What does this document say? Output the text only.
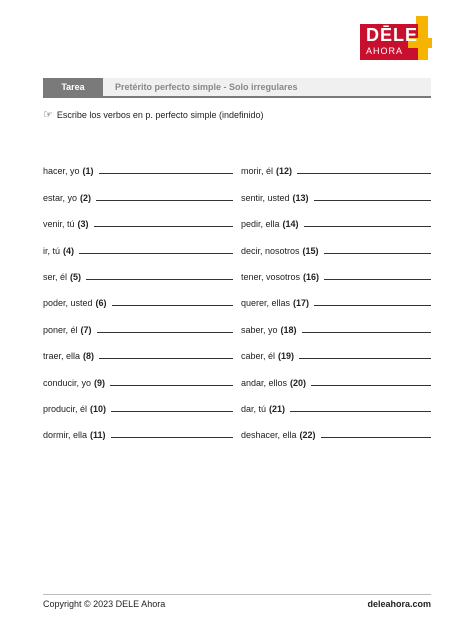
DĒLE
AHORA
Tarea	Pretérito perfecto simple - Solo irregulares
☞ Escribe los verbos en p. perfecto simple (indefinido)
hacer, yo (1)
estar, yo (2)
venir, tú (3)
ir, tú (4)
ser, él (5)
poder, usted (6)
poner, él (7)
traer, ella (8)
conducir, yo (9)
producir, él (10)
dormir, ella (11)
morir, él (12)
sentir, usted (13)
pedir, ella (14)
decir, nosotros (15)
tener, vosotros (16)
querer, ellas (17)
saber, yo (18)
caber, él (19)
andar, ellos (20)
dar, tú (21)
deshacer, ella (22)
Copyright © 2023 DELE Ahora	deleahora.com
